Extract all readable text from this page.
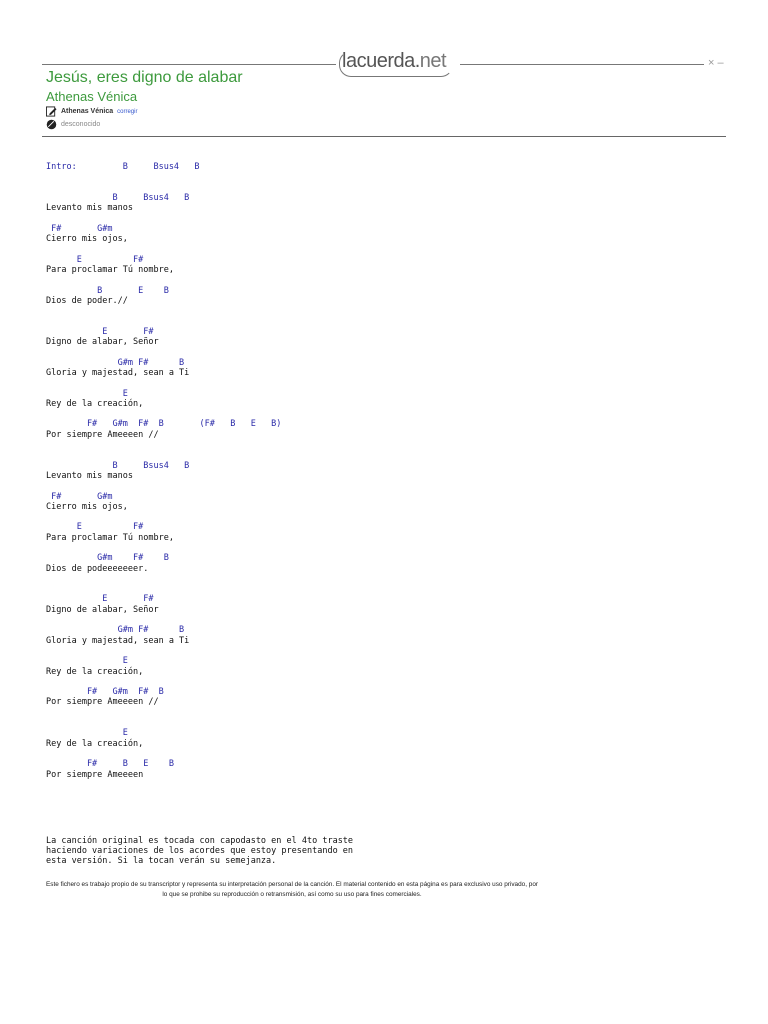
lacuerda.net	× –
Jesús, eres digno de alabar
Athenas Vénica
Athenas Vénica corregir
desconocido
Intro:         B     Bsus4   B
B     Bsus4   B
Levanto mis manos
F#       G#m
Cierro mis ojos,
E          F#
Para proclamar Tú nombre,
B       E    B
Dios de poder.//
E       F#
Digno de alabar, Señor
G#m F#      B
Gloria y majestad, sean a Ti
E
Rey de la creación,
F#   G#m  F#  B       (F#   B   E   B)
Por siempre Ameeeen //
B     Bsus4   B
Levanto mis manos
F#       G#m
Cierro mis ojos,
E          F#
Para proclamar Tú nombre,
G#m    F#    B
Dios de podeeeeeeer.
E       F#
Digno de alabar, Señor
G#m F#      B
Gloria y majestad, sean a Ti
E
Rey de la creación,
F#   G#m  F#  B
Por siempre Ameeeen //
E
Rey de la creación,
F#     B   E    B
Por siempre Ameeeen
La canción original es tocada con capodasto en el 4to traste
haciendo variaciones de los acordes que estoy presentando en
esta versión. Si la tocan verán su semejanza.
Este fichero es trabajo propio de su transcriptor y representa su interpretación personal de la canción. El material contenido en esta página es para exclusivo uso privado, por lo que se prohibe su reproducción o retransmisión, así como su uso para fines comerciales.
